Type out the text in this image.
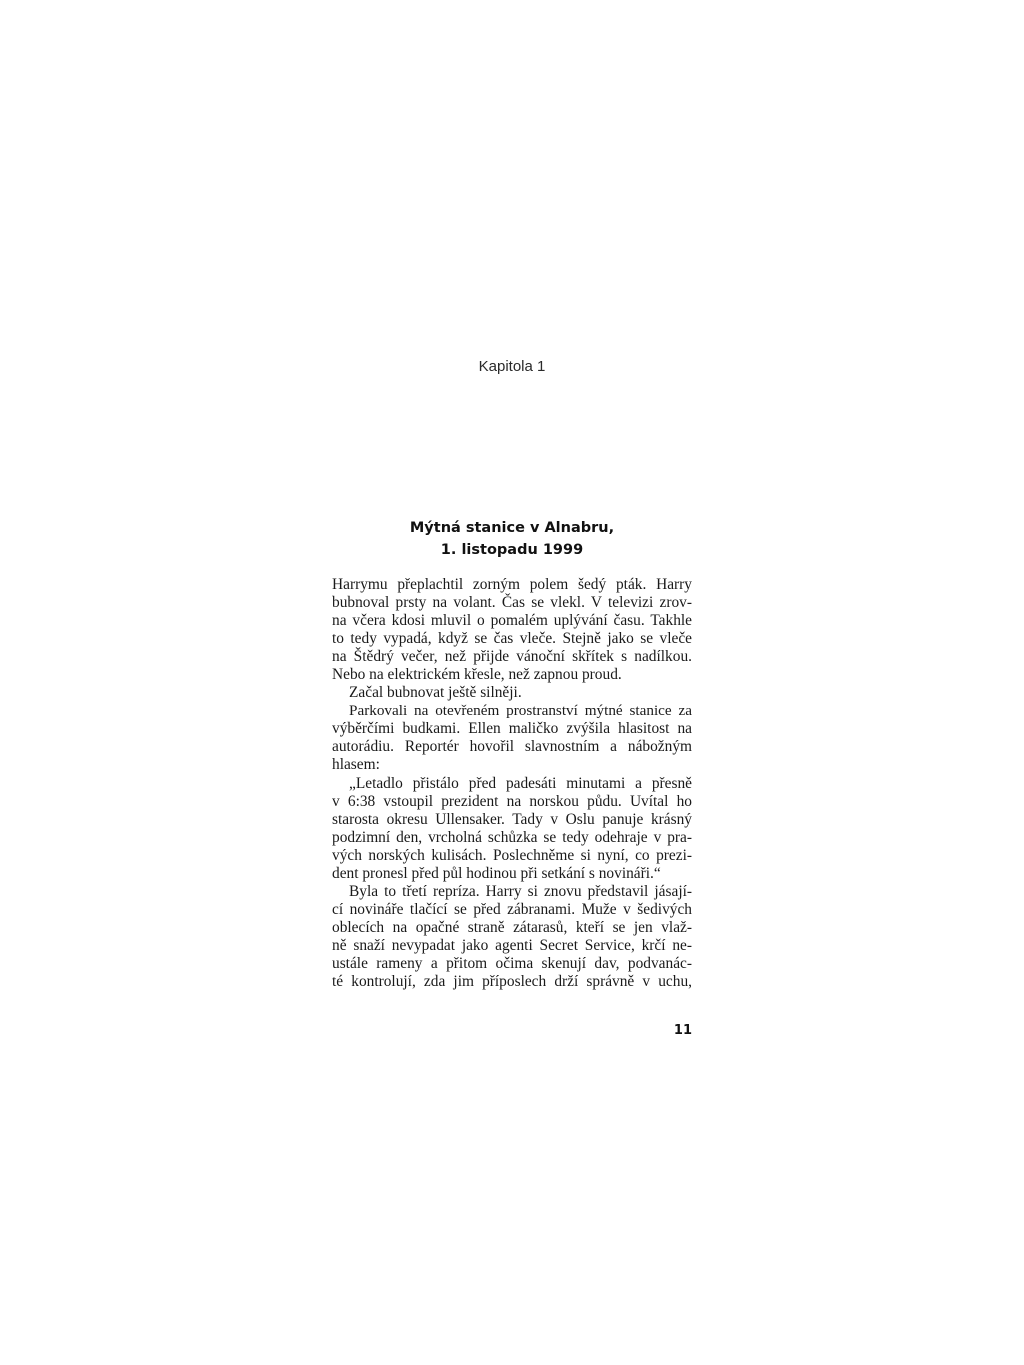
Kapitola 1
Mýtná stanice v Alnabru,
1. listopadu 1999
Harrymu přeplachtil zorným polem šedý pták. Harry
bubnoval prsty na volant. Čas se vlekl. V televizi zrov-
na včera kdosi mluvil o pomalém uplývání času. Takhle
to tedy vypadá, když se čas vleče. Stejně jako se vleče
na Štědrý večer, než přijde vánoční skřítek s nadílkou.
Nebo na elektrickém křesle, než zapnou proud.
Začal bubnovat ještě silněji.
Parkovali na otevřeném prostranství mýtné stanice za
výběrčími budkami. Ellen maličko zvýšila hlasitost na
autorádiu. Reportér hovořil slavnostním a nábožným
hlasem:
„Letadlo přistálo před padesáti minutami a přesně
v 6:38 vstoupil prezident na norskou půdu. Uvítal ho
starosta okresu Ullensaker. Tady v Oslu panuje krásný
podzimní den, vrcholná schůzka se tedy odehraje v pra-
vých norských kulisách. Poslechněme si nyní, co prezi-
dent pronesl před půl hodinou při setkání s novináři.“
Byla to třetí repríza. Harry si znovu představil jásají-
cí novináře tlačící se před zábranami. Muže v šedivých
oblecích na opačné straně zátarasů, kteří se jen vlaž-
ně snaží nevypadat jako agenti Secret Service, krčí ne-
ustále rameny a přitom očima skenují dav, podvanác-
té kontrolují, zda jim příposlech drží správně v uchu,
11
